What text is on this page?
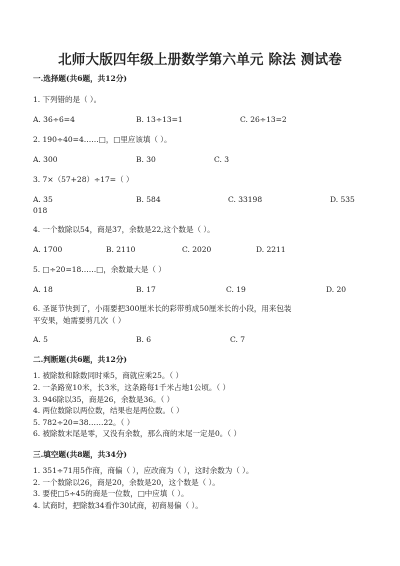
北师大版四年级上册数学第六单元 除法 测试卷
一.选择题(共6题，共12分)
1. 下列错的是（ ）。
A. 36÷6=4	B. 13÷13=1	C. 26÷13=2
2. 190÷40=4……□，□里应该填（ ）。
A. 300	B. 30	C. 3
3. 7×（57+28）÷17=（ ）
A. 35	B. 584	C. 33198	D. 535
018
4. 一个数除以54，商是37，余数是22,这个数是（ ）。
A. 1700	B. 2110	C. 2020	D. 2211
5. □÷20=18……□，余数最大是（ ）
A. 18	B. 17	C. 19	D. 20
6. 圣诞节快到了，小雨要把300厘米长的彩带剪成50厘米长的小段，用来包装
平安果，她需要剪几次（ ）
A. 5	B. 6	C. 7
二.判断题(共6题，共12分)
1. 被除数和除数同时乘5，商就应乘25。（ ）
2. 一条路宽10米，长3米，这条路每1千米占地1公顷。（ ）
3. 946除以35，商是26，余数是36。（ ）
4. 两位数除以两位数，结果也是两位数。（ ）
5. 782÷20=38……22。（ ）
6. 被除数末尾是零，又没有余数，那么商的末尾一定是0。（ ）
三.填空题(共8题，共34分)
1. 351÷71用5作商，商偏（ ），应改商为（ ），这时余数为（ ）。
2. 一个数除以26，商是20，余数是20，这个数是（ ）。
3. 要使□5÷45的商是一位数，□中应填（ ）。
4. 试商时，把除数34看作30试商，初商易偏（ ）。
